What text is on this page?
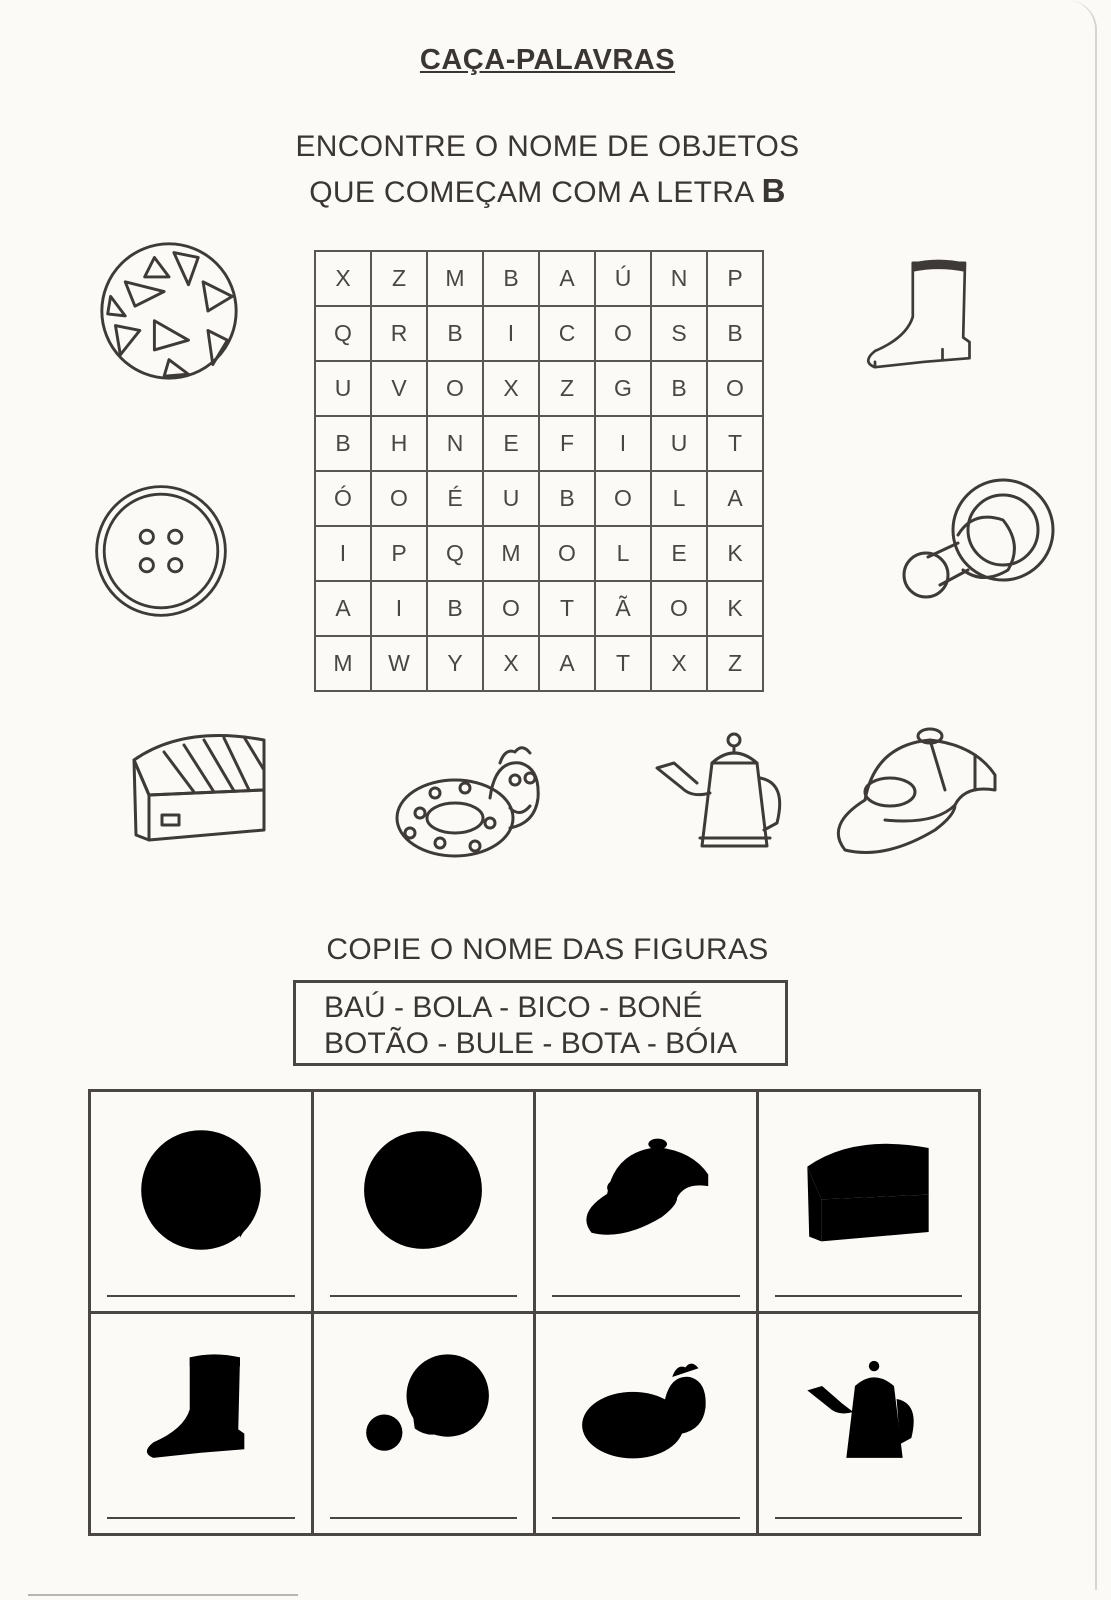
CAÇA-PALAVRAS
ENCONTRE O NOME DE OBJETOS
QUE COMEÇAM COM A LETRA B
X	Z	M	B	A	Ú	N	P
Q	R	B	I	C	O	S	B
U	V	O	X	Z	G	B	O
B	H	N	E	F	I	U	T
Ó	O	É	U	B	O	L	A
I	P	Q	M	O	L	E	K
A	I	B	O	T	Ã	O	K
M	W	Y	X	A	T	X	Z
COPIE O NOME DAS FIGURAS
BAÚ - BOLA - BICO - BONÉ
BOTÃO - BULE - BOTA - BÓIA
